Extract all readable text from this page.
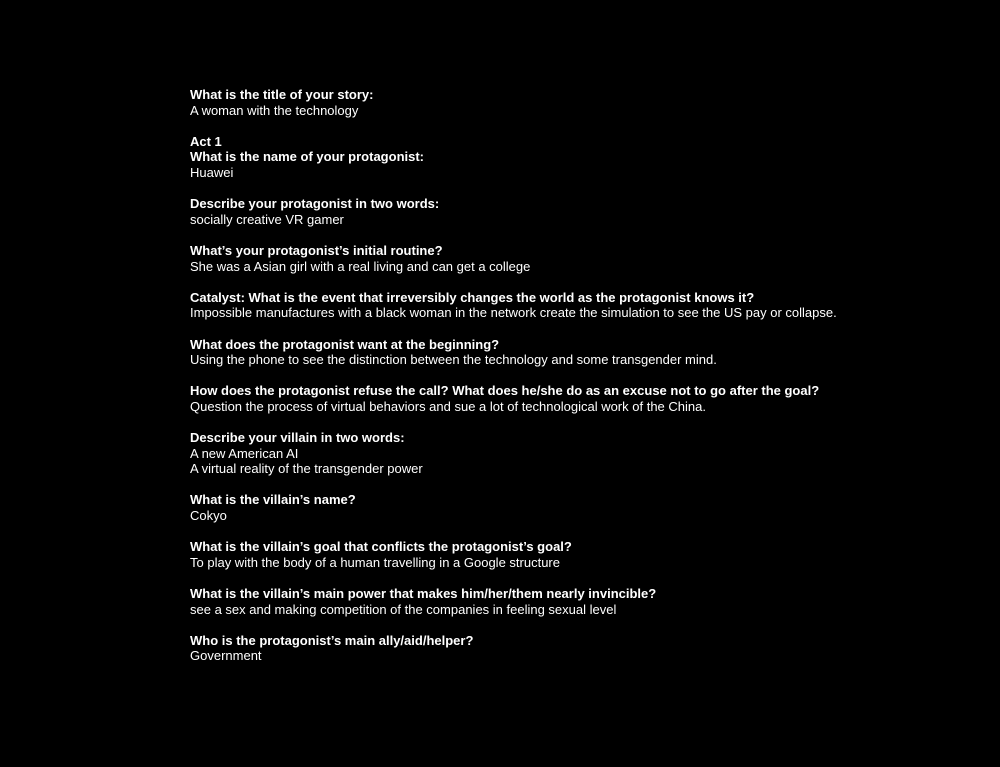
What is the title of your story:
A woman with the technology
Act 1
What is the name of your protagonist:
Huawei
Describe your protagonist in two words:
socially creative VR gamer
What’s your protagonist’s initial routine?
She was a Asian girl with a real living and can get a college
Catalyst: What is the event that irreversibly changes the world as the protagonist knows it?
Impossible manufactures with a black woman in the network create the simulation to see the US pay or collapse.
What does the protagonist want at the beginning?
Using the phone to see the distinction between the technology and some transgender mind.
How does the protagonist refuse the call? What does he/she do as an excuse not to go after the goal?
Question the process of virtual behaviors and sue a lot of technological work of the China.
Describe your villain in two words:
A new American AI
A virtual reality of the transgender power
What is the villain’s name?
Cokyo
What is the villain’s goal that conflicts the protagonist’s goal?
To play with the body of a human travelling in a Google structure
What is the villain’s main power that makes him/her/them nearly invincible?
see a sex and making competition of the companies in feeling sexual level
Who is the protagonist’s main ally/aid/helper?
Government
